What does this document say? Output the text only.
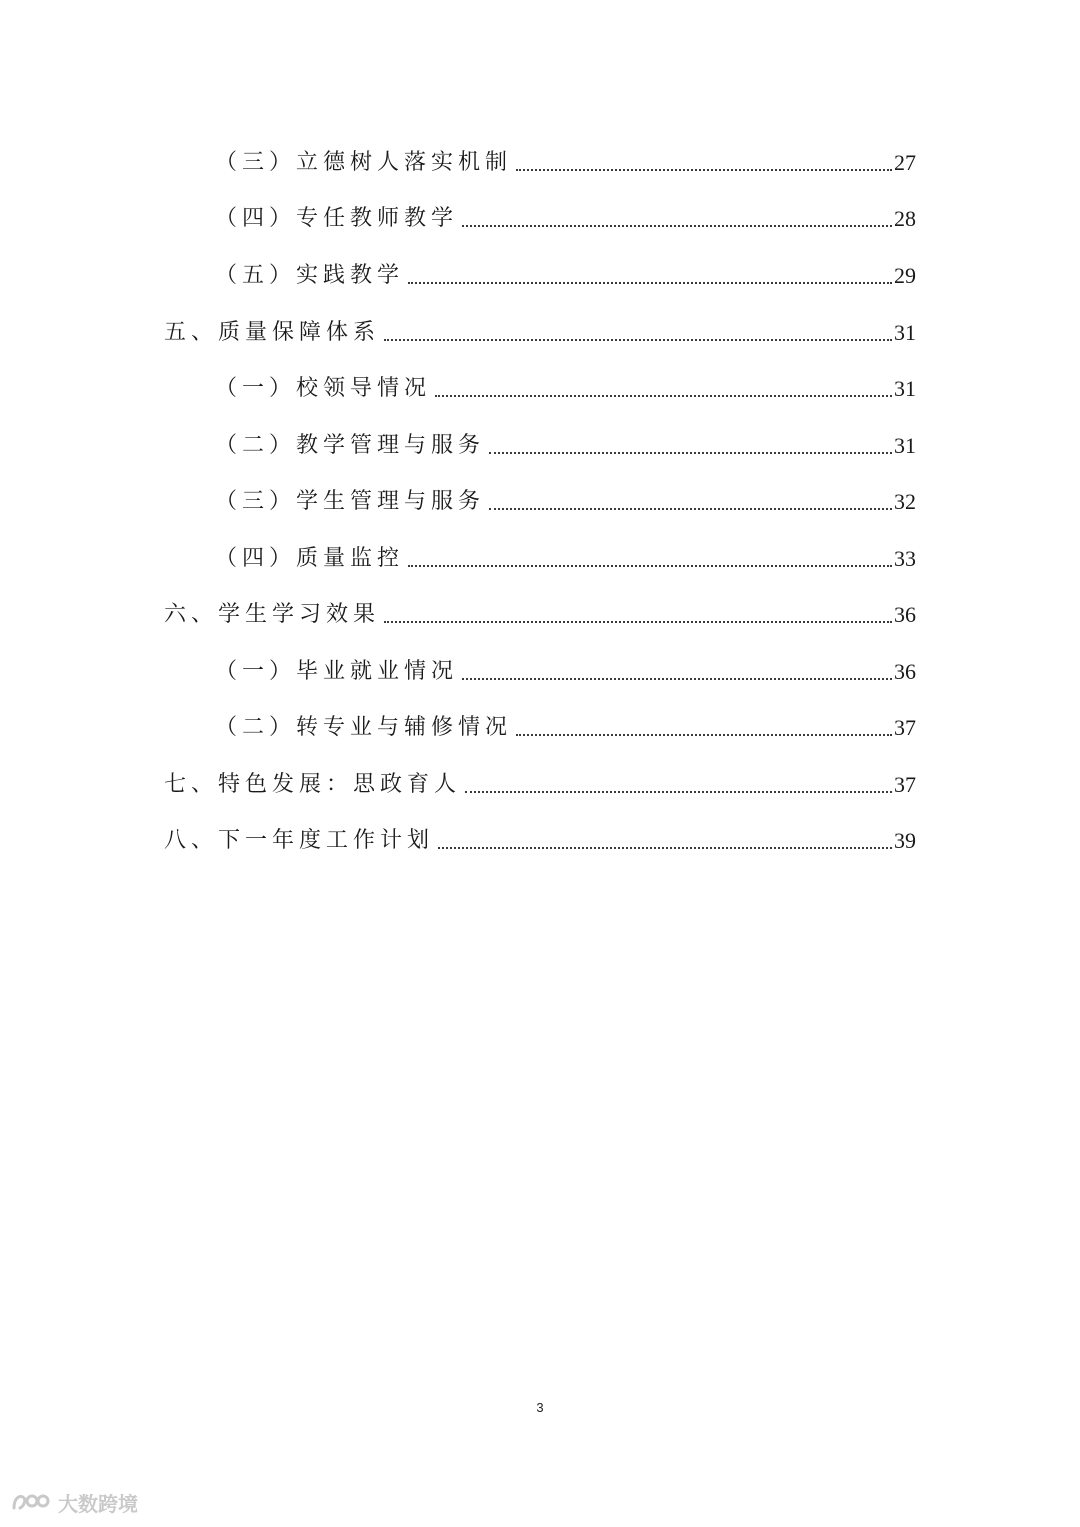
（三）立德树人落实机制	27
（四）专任教师教学	28
（五）实践教学	29
五、质量保障体系	31
（一）校领导情况	31
（二）教学管理与服务	31
（三）学生管理与服务	32
（四）质量监控	33
六、学生学习效果	36
（一）毕业就业情况	36
（二）转专业与辅修情况	37
七、特色发展：思政育人	37
八、下一年度工作计划	39
3
大数跨境
